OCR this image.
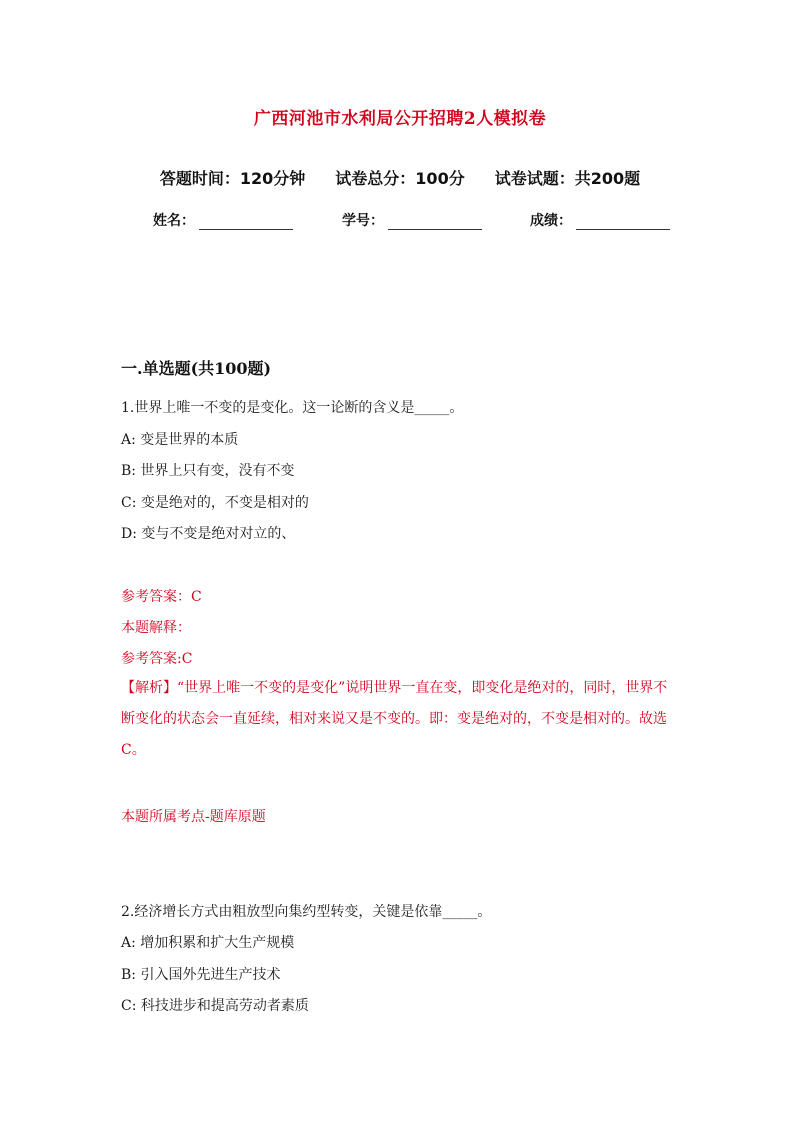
广西河池市水利局公开招聘2人模拟卷
答题时间：120分钟 试卷总分：100分 试卷试题：共200题
姓名：	学号：	成绩：
一.单选题(共100题)
1.世界上唯一不变的是变化。这一论断的含义是_____。
A: 变是世界的本质
B: 世界上只有变，没有不变
C: 变是绝对的，不变是相对的
D: 变与不变是绝对对立的、
参考答案：C
本题解释：
参考答案:C
【解析】“世界上唯一不变的是变化”说明世界一直在变，即变化是绝对的，同时，世界不断变化的状态会一直延续，相对来说又是不变的。即：变是绝对的，不变是相对的。故选C。
本题所属考点-题库原题
2.经济增长方式由粗放型向集约型转变，关键是依靠_____。
A: 增加积累和扩大生产规模
B: 引入国外先进生产技术
C: 科技进步和提高劳动者素质
